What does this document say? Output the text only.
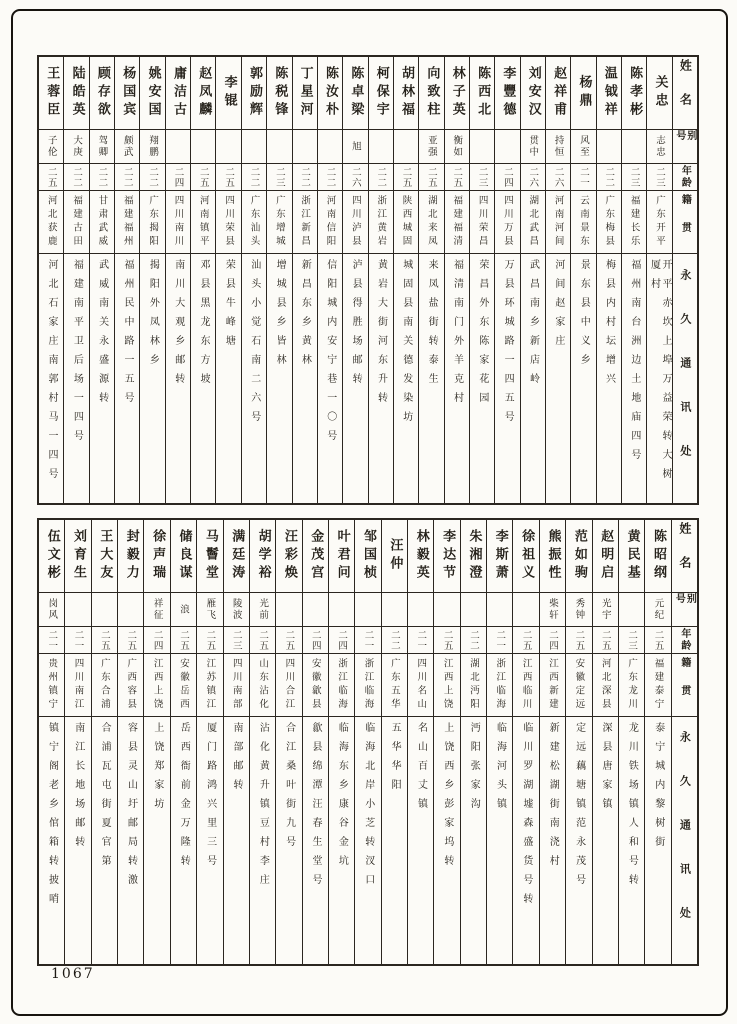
姓名
别号
年龄
籍贯
永久通讯处
关忠
志忠
二三
广东开平
开平赤坎上埠万益荣转大树厦村
陈孝彬
二三
福建长乐
福州南台洲边土地庙四号
温钺祥
二二
广东梅县
梅县内村坛增兴
杨鼎
风至
二一
云南景东
景东县中义乡
赵祥甫
持恒
二六
河南河间
河间赵家庄
刘安汉
贯中
二六
湖北武昌
武昌南乡新店岭
李豐德
二四
四川万县
万县环城路一四五号
陈西北
二三
四川荣昌
荣昌外东陈家花园
林子英
衡如
二五
福建福清
福清南门外羊克村
向致柱
亚强
二五
湖北来凤
来凤盐街转泰生
胡林福
二五
陕西城固
城固县南关德发染坊
柯保宇
二二
浙江黄岩
黄岩大街河东升转
陈卓梁
旭
二六
四川泸县
泸县得胜场邮转
陈汝朴
二二
河南信阳
信阳城内安宁巷一〇号
丁星河
二二
浙江新昌
新昌东乡黄林
陈税锋
二三
广东增城
增城县乡皆林
郭励辉
二二
广东汕头
汕头小觉石南二六号
李锟
二五
四川荣县
荣县牛峰塘
赵凤麟
二五
河南镇平
邓县黑龙东方坡
庸洁古
二四
四川南川
南川大观乡邮转
姚安国
翔鹏
二二
广东揭阳
揭阳外凤林乡
杨国宾
颇武
二二
福建福州
福州民中路一五号
顾存欲
驾卿
二二
甘肃武威
武威南关永盛源转
陆皓英
大庚
二二
福建古田
福建南平卫后场一四号
王蓉臣
子伦
二五
河北获鹿
河北石家庄南郭村马一四号
姓名
别号
年龄
籍贯
永久通讯处
陈昭纲
元纪
二五
福建泰宁
泰宁城内黎树街
黄民基
二三
广东龙川
龙川铁场镇人和号转
赵明启
光宇
二五
河北深县
深县唐家镇
范如驹
秀钟
二五
安徽定远
定远藕塘镇范永茂号
熊振性
柴轩
二四
江西新建
新建松湖街南浇村
徐祖义
二五
江西临川
临川罗湖墟森盛货号转
李斯萧
二一
浙江临海
临海河头镇
朱湘澄
二二
湖北沔阳
沔阳张家沟
李达节
二五
江西上饶
上饶西乡彭家坞转
林毅英
二一
四川名山
名山百丈镇
汪仲
二二
广东五华
五华华阳
邹国桢
二一
浙江临海
临海北岸小芝转汊口
叶君问
二四
浙江临海
临海东乡康谷金坑
金茂宫
二四
安徽歙县
歙县绵潭汪春生堂号
汪彩焕
二五
四川合江
合江桑叶街九号
胡学裕
光前
二五
山东沾化
沾化黄升镇豆村李庄
满廷涛
陵波
二三
四川南部
南部邮转
马鬙堂
雁飞
二五
江苏镇江
厦门路鸿兴里三号
储良谋
浪
二五
安徽岳西
岳西衙前金万隆转
徐声瑞
祥征
二四
江西上饶
上饶郑家坊
封毅力
二五
广西容县
容县灵山圩邮局转激
王大友
二五
广东合浦
合浦瓦屯街夏官第
刘育生
二一
四川南江
南江长地场邮转
伍文彬
岗风
二一
贵州镇宁
镇宁阁老乡倌箱转披哨
1067
